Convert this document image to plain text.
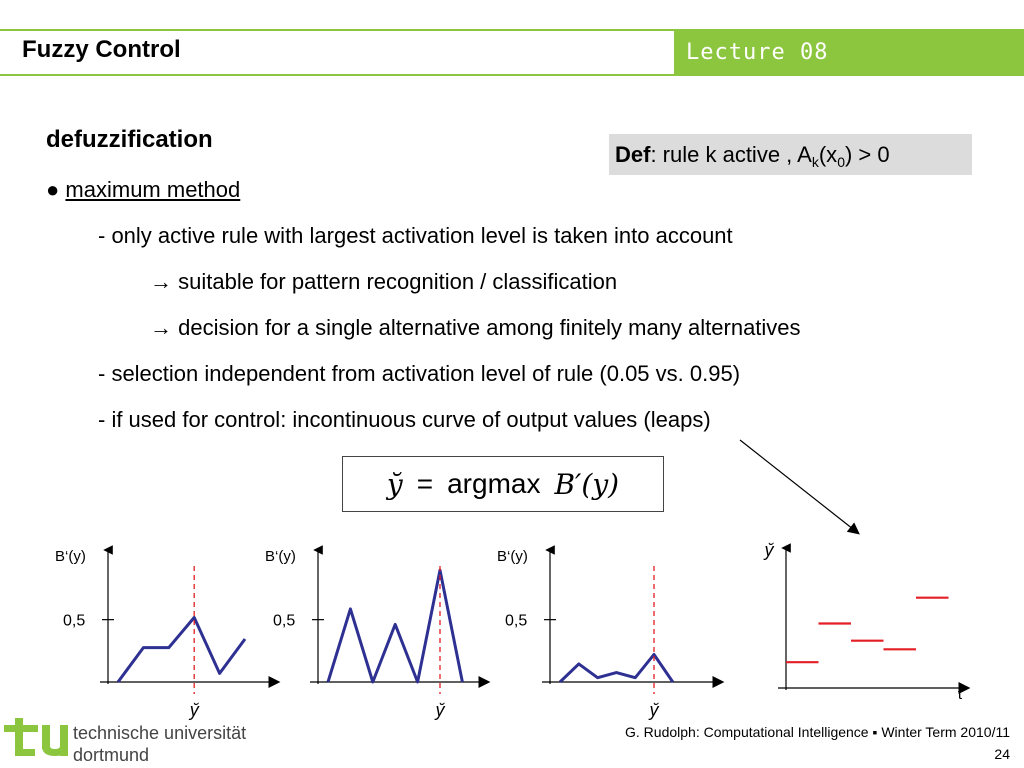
Fuzzy Control	Lecture 08
defuzzification
Def: rule k active , $A_k(x_0) > 0$
● maximum method
- only active rule with largest activation level is taken into account
→ suitable for pattern recognition / classification
→ decision for a single alternative among finitely many alternatives
- selection independent from activation level of rule (0.05 vs. 0.95)
- if used for control: incontinuous curve of output values (leaps)
y̆ = argmax B′(y)
0,5
B‘(y)
y̆
0,5
B‘(y)
y̆
0,5
B‘(y)
y̆
y̆
t
technische universität
dortmund
G. Rudolph: Computational Intelligence ▪ Winter Term 2010/11
24
